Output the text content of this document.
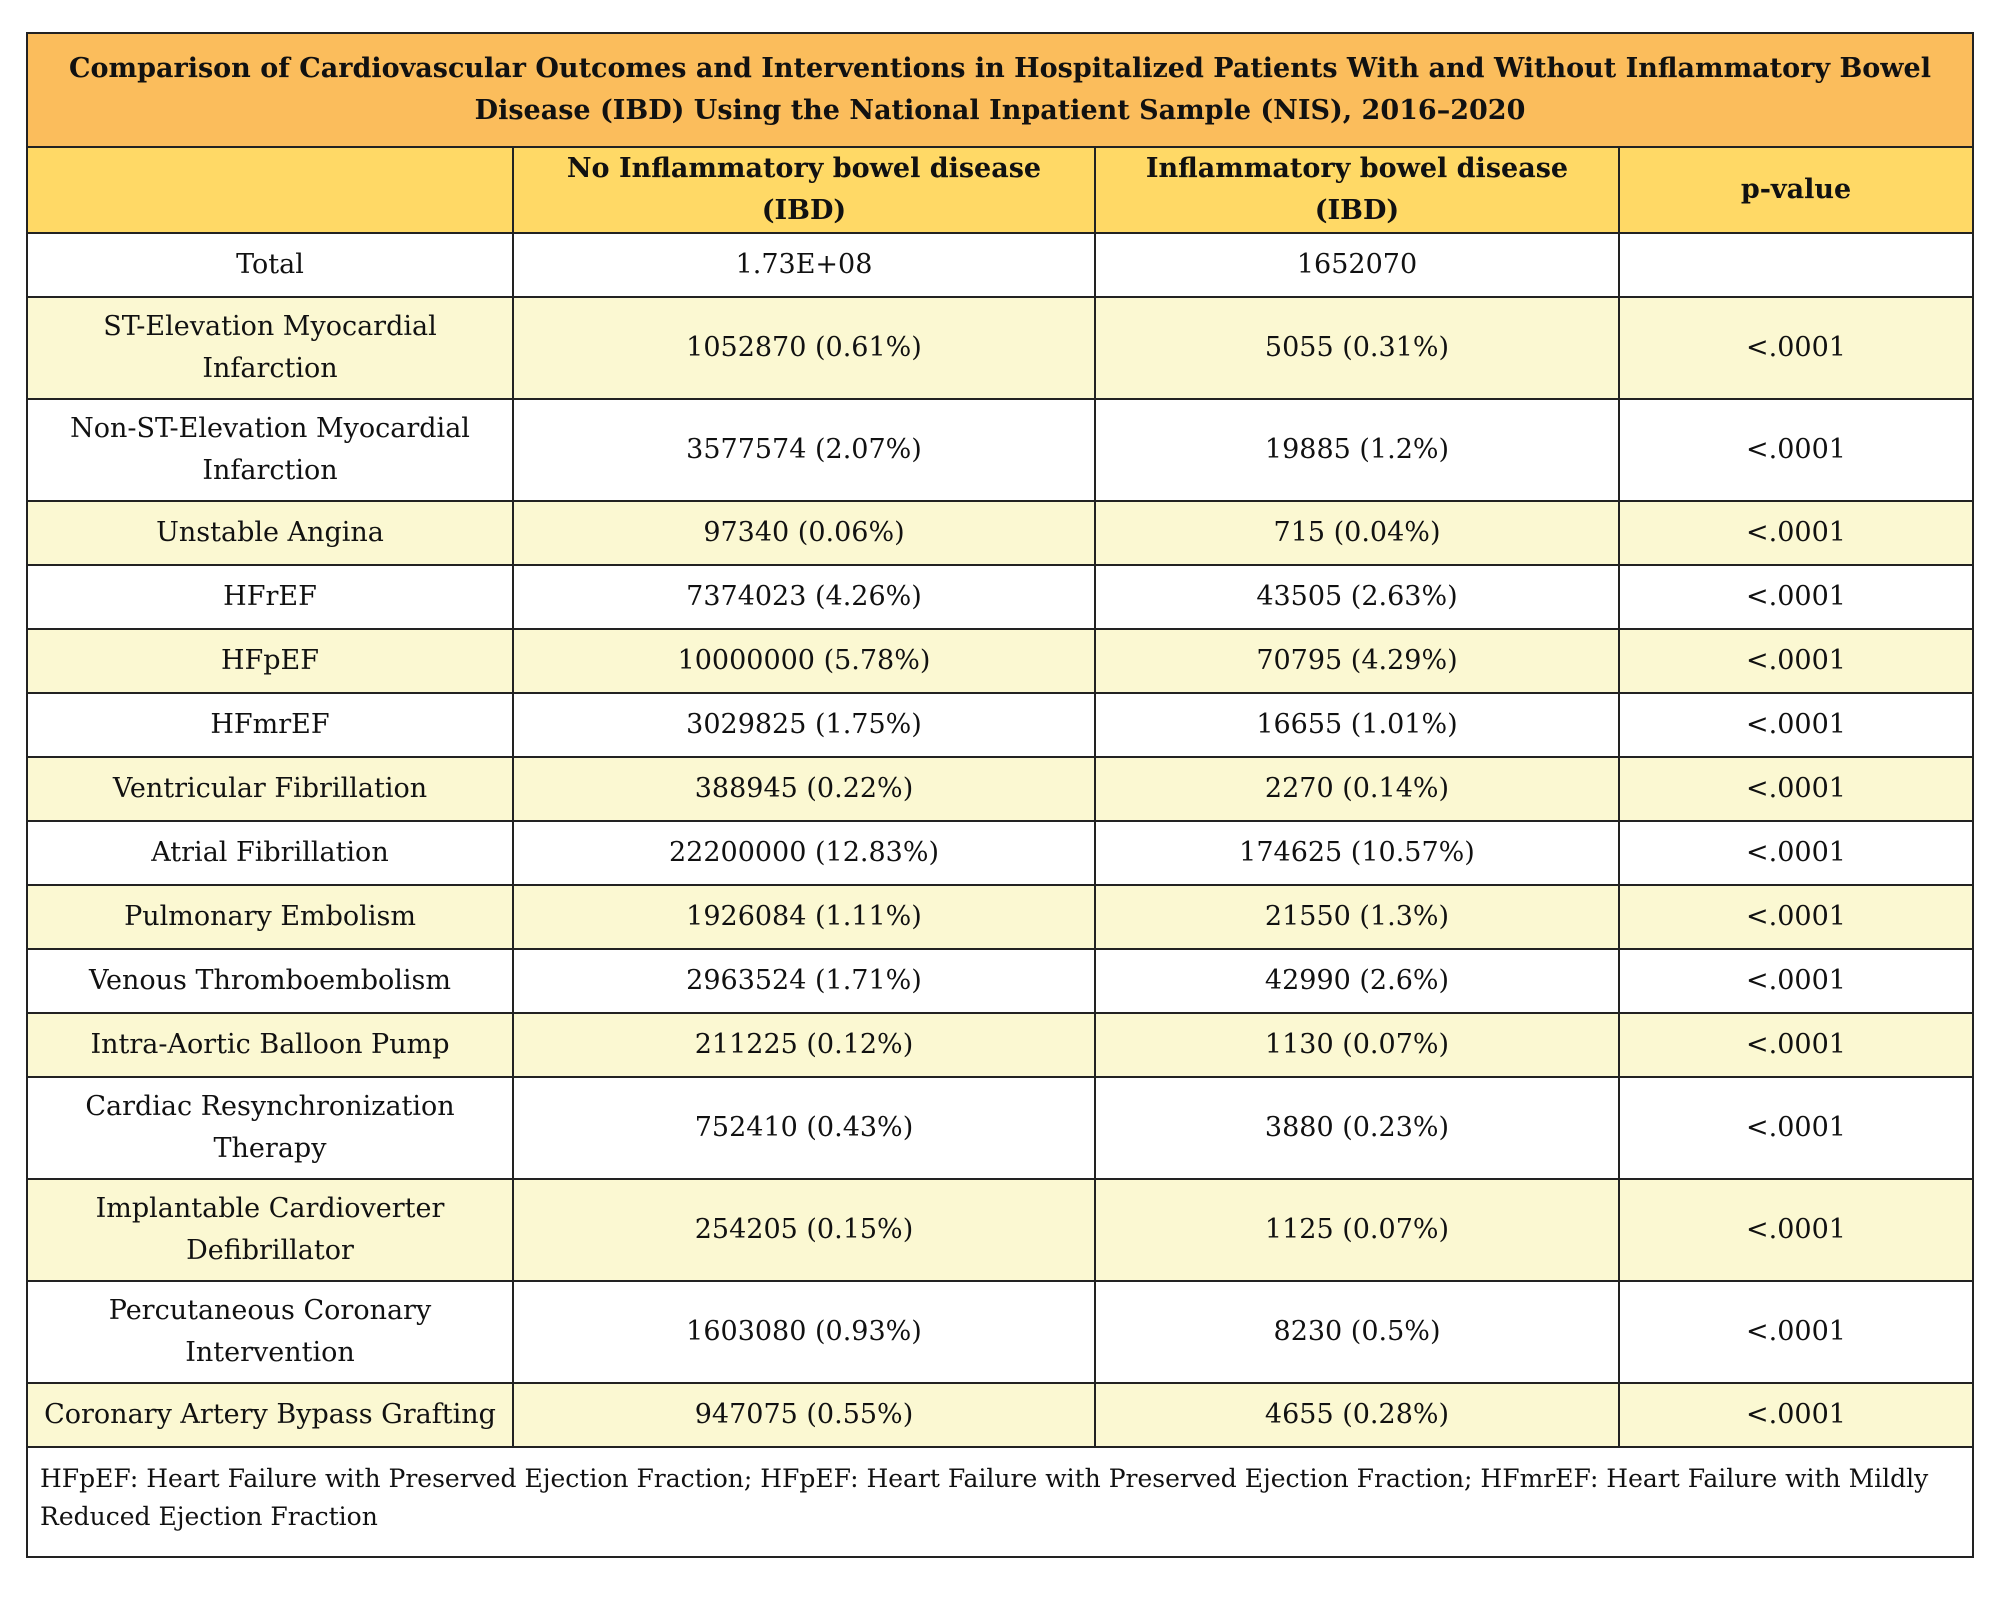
Comparison of Cardiovascular Outcomes and Interventions in Hospitalized Patients With and Without Inflammatory Bowel Disease (IBD) Using the National Inpatient Sample (NIS), 2016–2020			
	No Inflammatory bowel disease (IBD)	Inflammatory bowel disease (IBD)	p-value
Total	1.73E+08	1652070	
ST-Elevation Myocardial Infarction	1052870 (0.61%)	5055 (0.31%)	<.0001
Non-ST-Elevation Myocardial Infarction	3577574 (2.07%)	19885 (1.2%)	<.0001
Unstable Angina	97340 (0.06%)	715 (0.04%)	<.0001
HFrEF	7374023 (4.26%)	43505 (2.63%)	<.0001
HFpEF	10000000 (5.78%)	70795 (4.29%)	<.0001
HFmrEF	3029825 (1.75%)	16655 (1.01%)	<.0001
Ventricular Fibrillation	388945 (0.22%)	2270 (0.14%)	<.0001
Atrial Fibrillation	22200000 (12.83%)	174625 (10.57%)	<.0001
Pulmonary Embolism	1926084 (1.11%)	21550 (1.3%)	<.0001
Venous Thromboembolism	2963524 (1.71%)	42990 (2.6%)	<.0001
Intra-Aortic Balloon Pump	211225 (0.12%)	1130 (0.07%)	<.0001
Cardiac Resynchronization Therapy	752410 (0.43%)	3880 (0.23%)	<.0001
Implantable Cardioverter Defibrillator	254205 (0.15%)	1125 (0.07%)	<.0001
Percutaneous Coronary Intervention	1603080 (0.93%)	8230 (0.5%)	<.0001
Coronary Artery Bypass Grafting	947075 (0.55%)	4655 (0.28%)	<.0001
HFpEF: Heart Failure with Preserved Ejection Fraction; HFpEF: Heart Failure with Preserved Ejection Fraction; HFmrEF: Heart Failure with Mildly Reduced Ejection Fraction			
